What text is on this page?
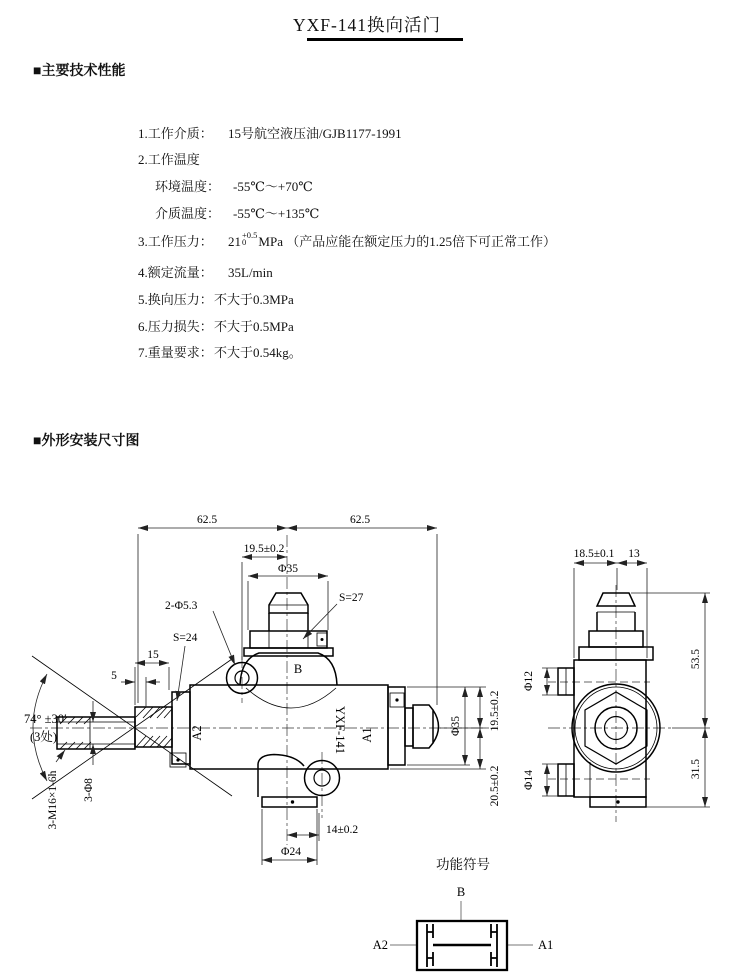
YXF-141换向活门
■主要技术性能
1.工作介质： 15号航空液压油/GJB1177-1991
2.工作温度
环境温度： -55℃～+70℃
介质温度： -55℃～+135℃
3.工作压力： 21 +0.5
0 MPa （产品应能在额定压力的1.25倍下可正常工作）
4.额定流量： 35L/min
5.换向压力：不大于0.3MPa
6.压力损失：不大于0.5MPa
7.重量要求：不大于0.54kg。
■外形安装尺寸图
62.5	62.5
19.5±0.2
Φ35
2-Φ5.3
S=27
S=24
15
5
74° ±30′
(3处)
3-M16×1-6h 3-Φ8
A2	YXF-141 A1
B
14±0.2
Φ24
Φ35 19.5±0.2
20.5±0.2
18.5±0.1 13
53.5
31.5
Φ12
Φ14
功能符号
B
A2	A1
